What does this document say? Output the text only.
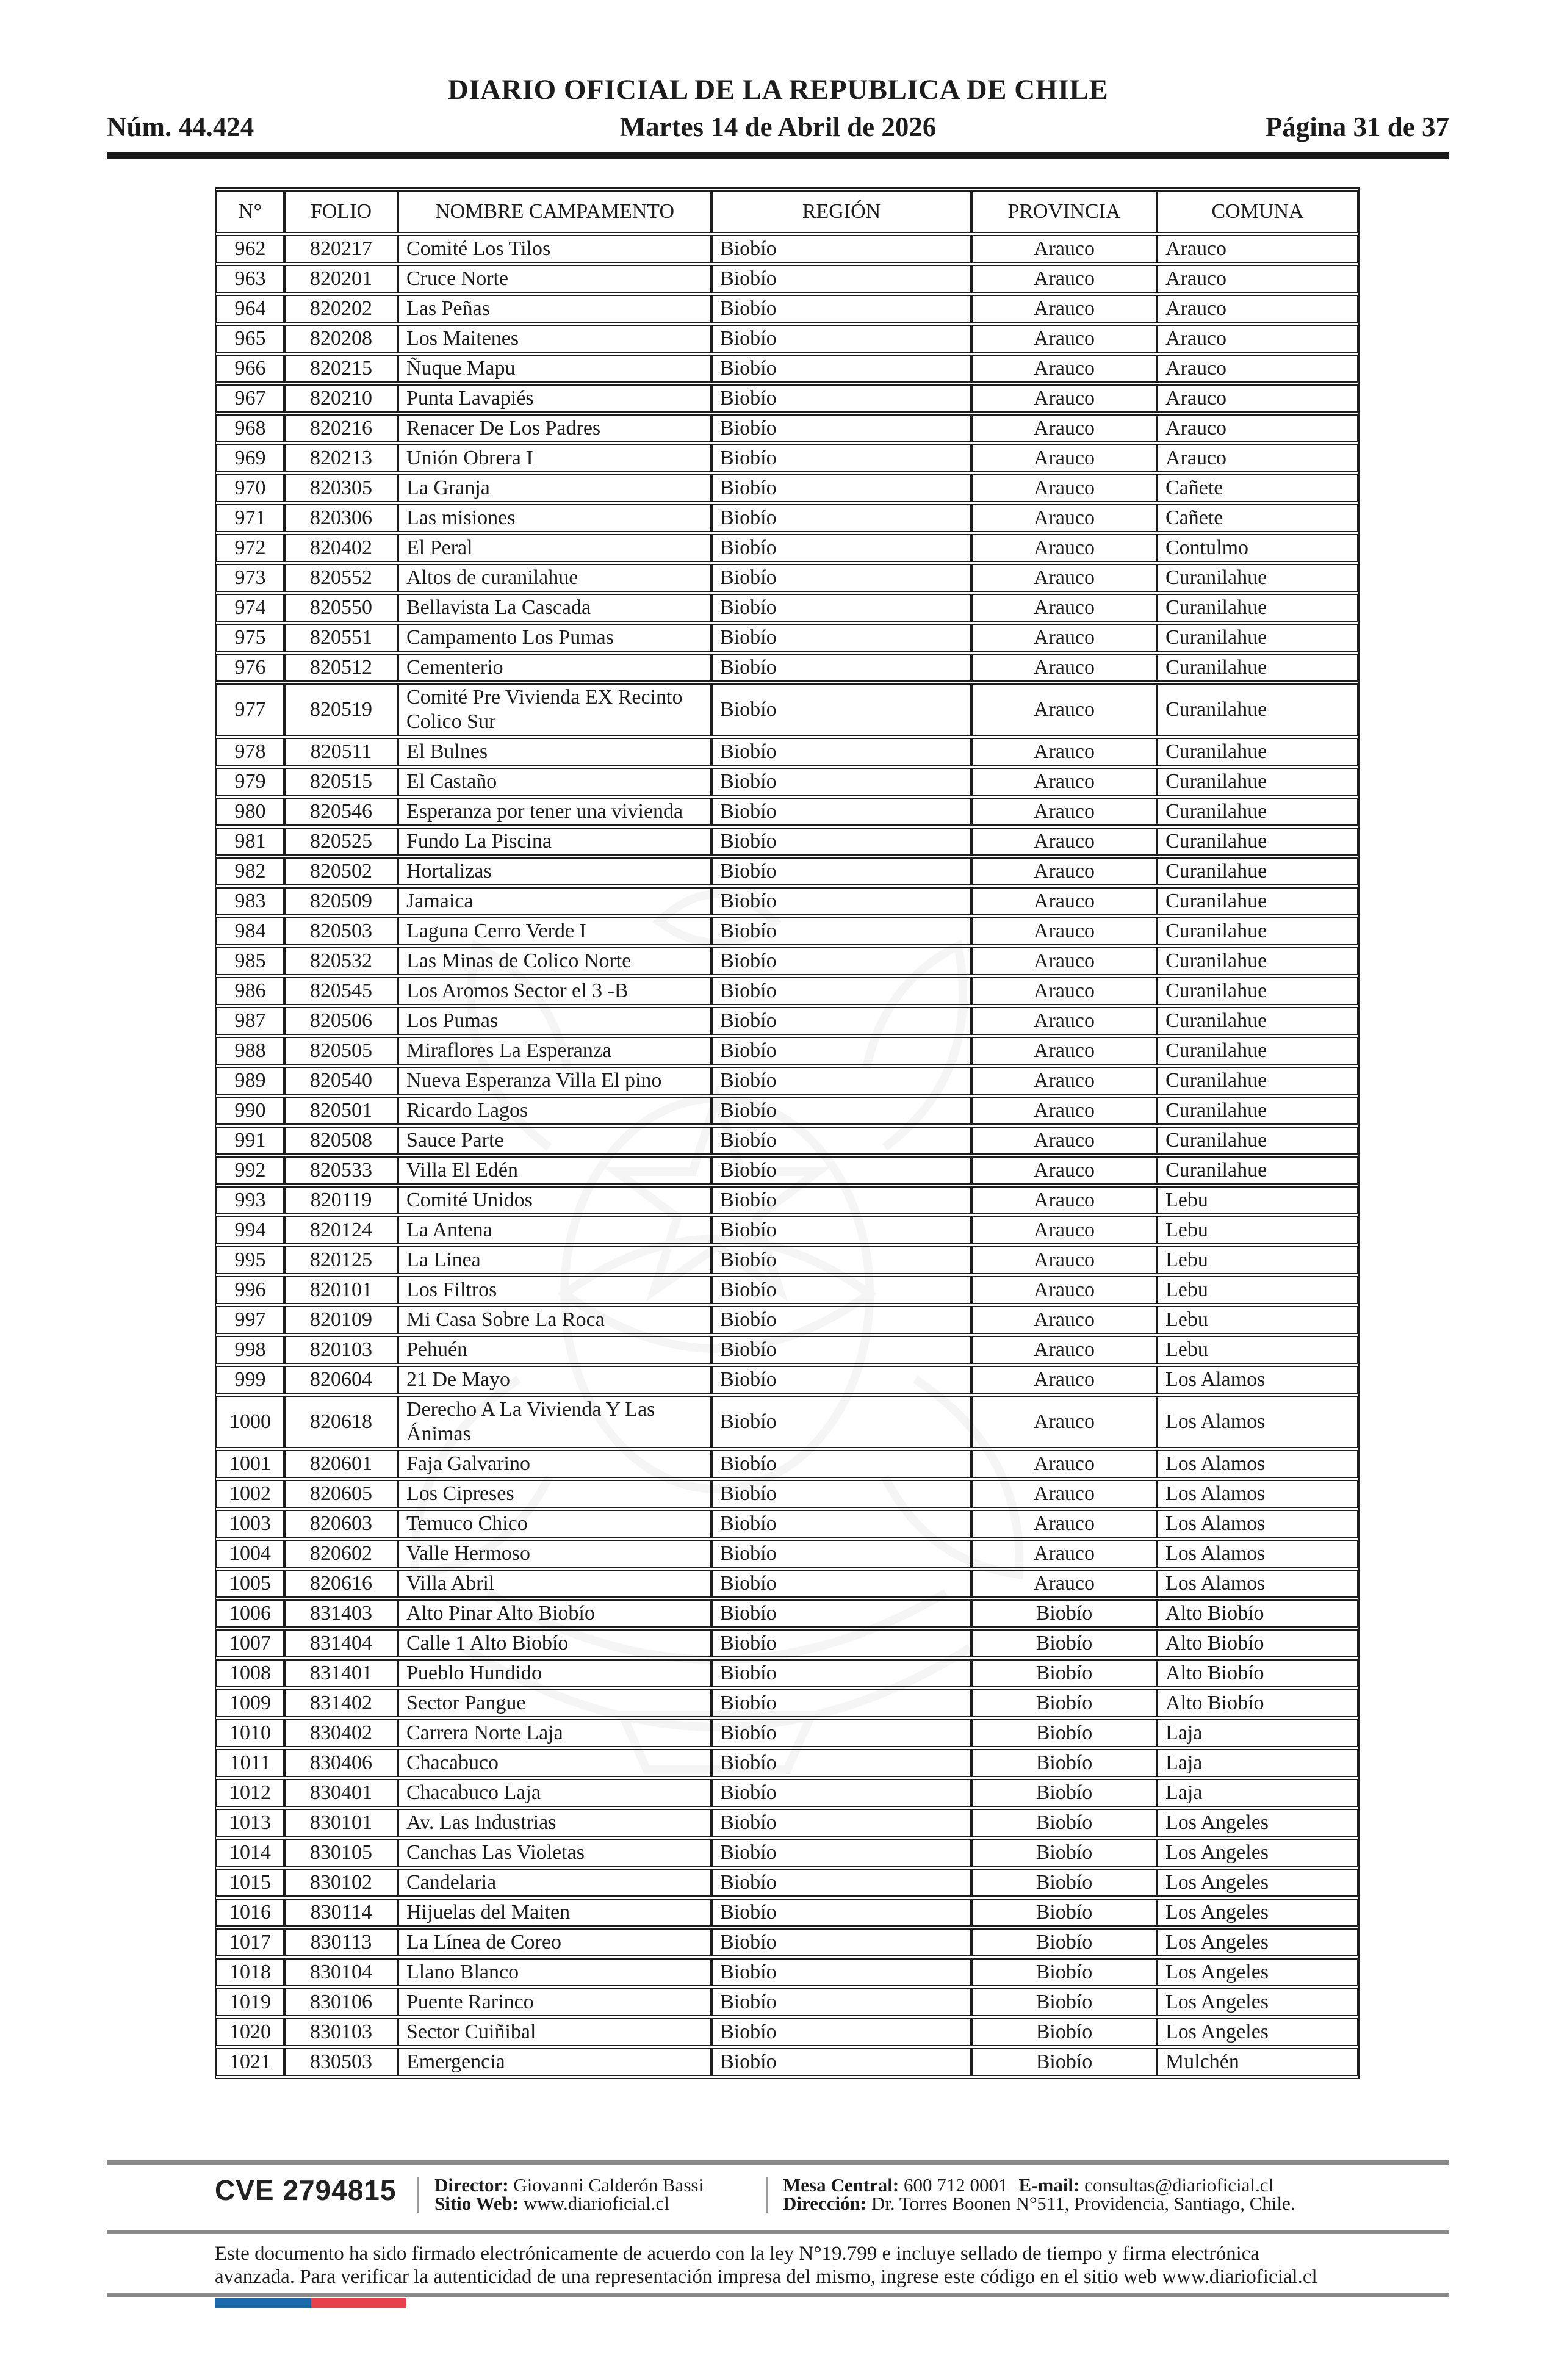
DIARIO OFICIAL DE LA REPUBLICA DE CHILE
Núm. 44.424	Martes 14 de Abril de 2026	Página 31 de 37
N°	FOLIO	NOMBRE CAMPAMENTO	REGIÓN	PROVINCIA	COMUNA
962	820217	Comité Los Tilos	Biobío	Arauco	Arauco
963	820201	Cruce Norte	Biobío	Arauco	Arauco
964	820202	Las Peñas	Biobío	Arauco	Arauco
965	820208	Los Maitenes	Biobío	Arauco	Arauco
966	820215	Ñuque Mapu	Biobío	Arauco	Arauco
967	820210	Punta Lavapiés	Biobío	Arauco	Arauco
968	820216	Renacer De Los Padres	Biobío	Arauco	Arauco
969	820213	Unión Obrera I	Biobío	Arauco	Arauco
970	820305	La Granja	Biobío	Arauco	Cañete
971	820306	Las misiones	Biobío	Arauco	Cañete
972	820402	El Peral	Biobío	Arauco	Contulmo
973	820552	Altos de curanilahue	Biobío	Arauco	Curanilahue
974	820550	Bellavista La Cascada	Biobío	Arauco	Curanilahue
975	820551	Campamento Los Pumas	Biobío	Arauco	Curanilahue
976	820512	Cementerio	Biobío	Arauco	Curanilahue
977	820519	Comité Pre Vivienda EX Recinto Colico Sur	Biobío	Arauco	Curanilahue
978	820511	El Bulnes	Biobío	Arauco	Curanilahue
979	820515	El Castaño	Biobío	Arauco	Curanilahue
980	820546	Esperanza por tener una vivienda	Biobío	Arauco	Curanilahue
981	820525	Fundo La Piscina	Biobío	Arauco	Curanilahue
982	820502	Hortalizas	Biobío	Arauco	Curanilahue
983	820509	Jamaica	Biobío	Arauco	Curanilahue
984	820503	Laguna Cerro Verde I	Biobío	Arauco	Curanilahue
985	820532	Las Minas de Colico Norte	Biobío	Arauco	Curanilahue
986	820545	Los Aromos Sector el 3 -B	Biobío	Arauco	Curanilahue
987	820506	Los Pumas	Biobío	Arauco	Curanilahue
988	820505	Miraflores La Esperanza	Biobío	Arauco	Curanilahue
989	820540	Nueva Esperanza Villa El pino	Biobío	Arauco	Curanilahue
990	820501	Ricardo Lagos	Biobío	Arauco	Curanilahue
991	820508	Sauce Parte	Biobío	Arauco	Curanilahue
992	820533	Villa El Edén	Biobío	Arauco	Curanilahue
993	820119	Comité Unidos	Biobío	Arauco	Lebu
994	820124	La Antena	Biobío	Arauco	Lebu
995	820125	La Linea	Biobío	Arauco	Lebu
996	820101	Los Filtros	Biobío	Arauco	Lebu
997	820109	Mi Casa Sobre La Roca	Biobío	Arauco	Lebu
998	820103	Pehuén	Biobío	Arauco	Lebu
999	820604	21 De Mayo	Biobío	Arauco	Los Alamos
1000	820618	Derecho A La Vivienda Y Las Ánimas	Biobío	Arauco	Los Alamos
1001	820601	Faja Galvarino	Biobío	Arauco	Los Alamos
1002	820605	Los Cipreses	Biobío	Arauco	Los Alamos
1003	820603	Temuco Chico	Biobío	Arauco	Los Alamos
1004	820602	Valle Hermoso	Biobío	Arauco	Los Alamos
1005	820616	Villa Abril	Biobío	Arauco	Los Alamos
1006	831403	Alto Pinar Alto Biobío	Biobío	Biobío	Alto Biobío
1007	831404	Calle 1 Alto Biobío	Biobío	Biobío	Alto Biobío
1008	831401	Pueblo Hundido	Biobío	Biobío	Alto Biobío
1009	831402	Sector Pangue	Biobío	Biobío	Alto Biobío
1010	830402	Carrera Norte Laja	Biobío	Biobío	Laja
1011	830406	Chacabuco	Biobío	Biobío	Laja
1012	830401	Chacabuco Laja	Biobío	Biobío	Laja
1013	830101	Av. Las Industrias	Biobío	Biobío	Los Angeles
1014	830105	Canchas Las Violetas	Biobío	Biobío	Los Angeles
1015	830102	Candelaria	Biobío	Biobío	Los Angeles
1016	830114	Hijuelas del Maiten	Biobío	Biobío	Los Angeles
1017	830113	La Línea de Coreo	Biobío	Biobío	Los Angeles
1018	830104	Llano Blanco	Biobío	Biobío	Los Angeles
1019	830106	Puente Rarinco	Biobío	Biobío	Los Angeles
1020	830103	Sector Cuiñibal	Biobío	Biobío	Los Angeles
1021	830503	Emergencia	Biobío	Biobío	Mulchén
CVE 2794815 Director: Giovanni Calderón Bassi
Sitio Web: www.diarioficial.cl
Mesa Central: 600 712 0001 E-mail: consultas@diarioficial.cl
Dirección: Dr. Torres Boonen N°511, Providencia, Santiago, Chile.
Este documento ha sido firmado electrónicamente de acuerdo con la ley N°19.799 e incluye sellado de tiempo y firma electrónica
avanzada. Para verificar la autenticidad de una representación impresa del mismo, ingrese este código en el sitio web www.diarioficial.cl
